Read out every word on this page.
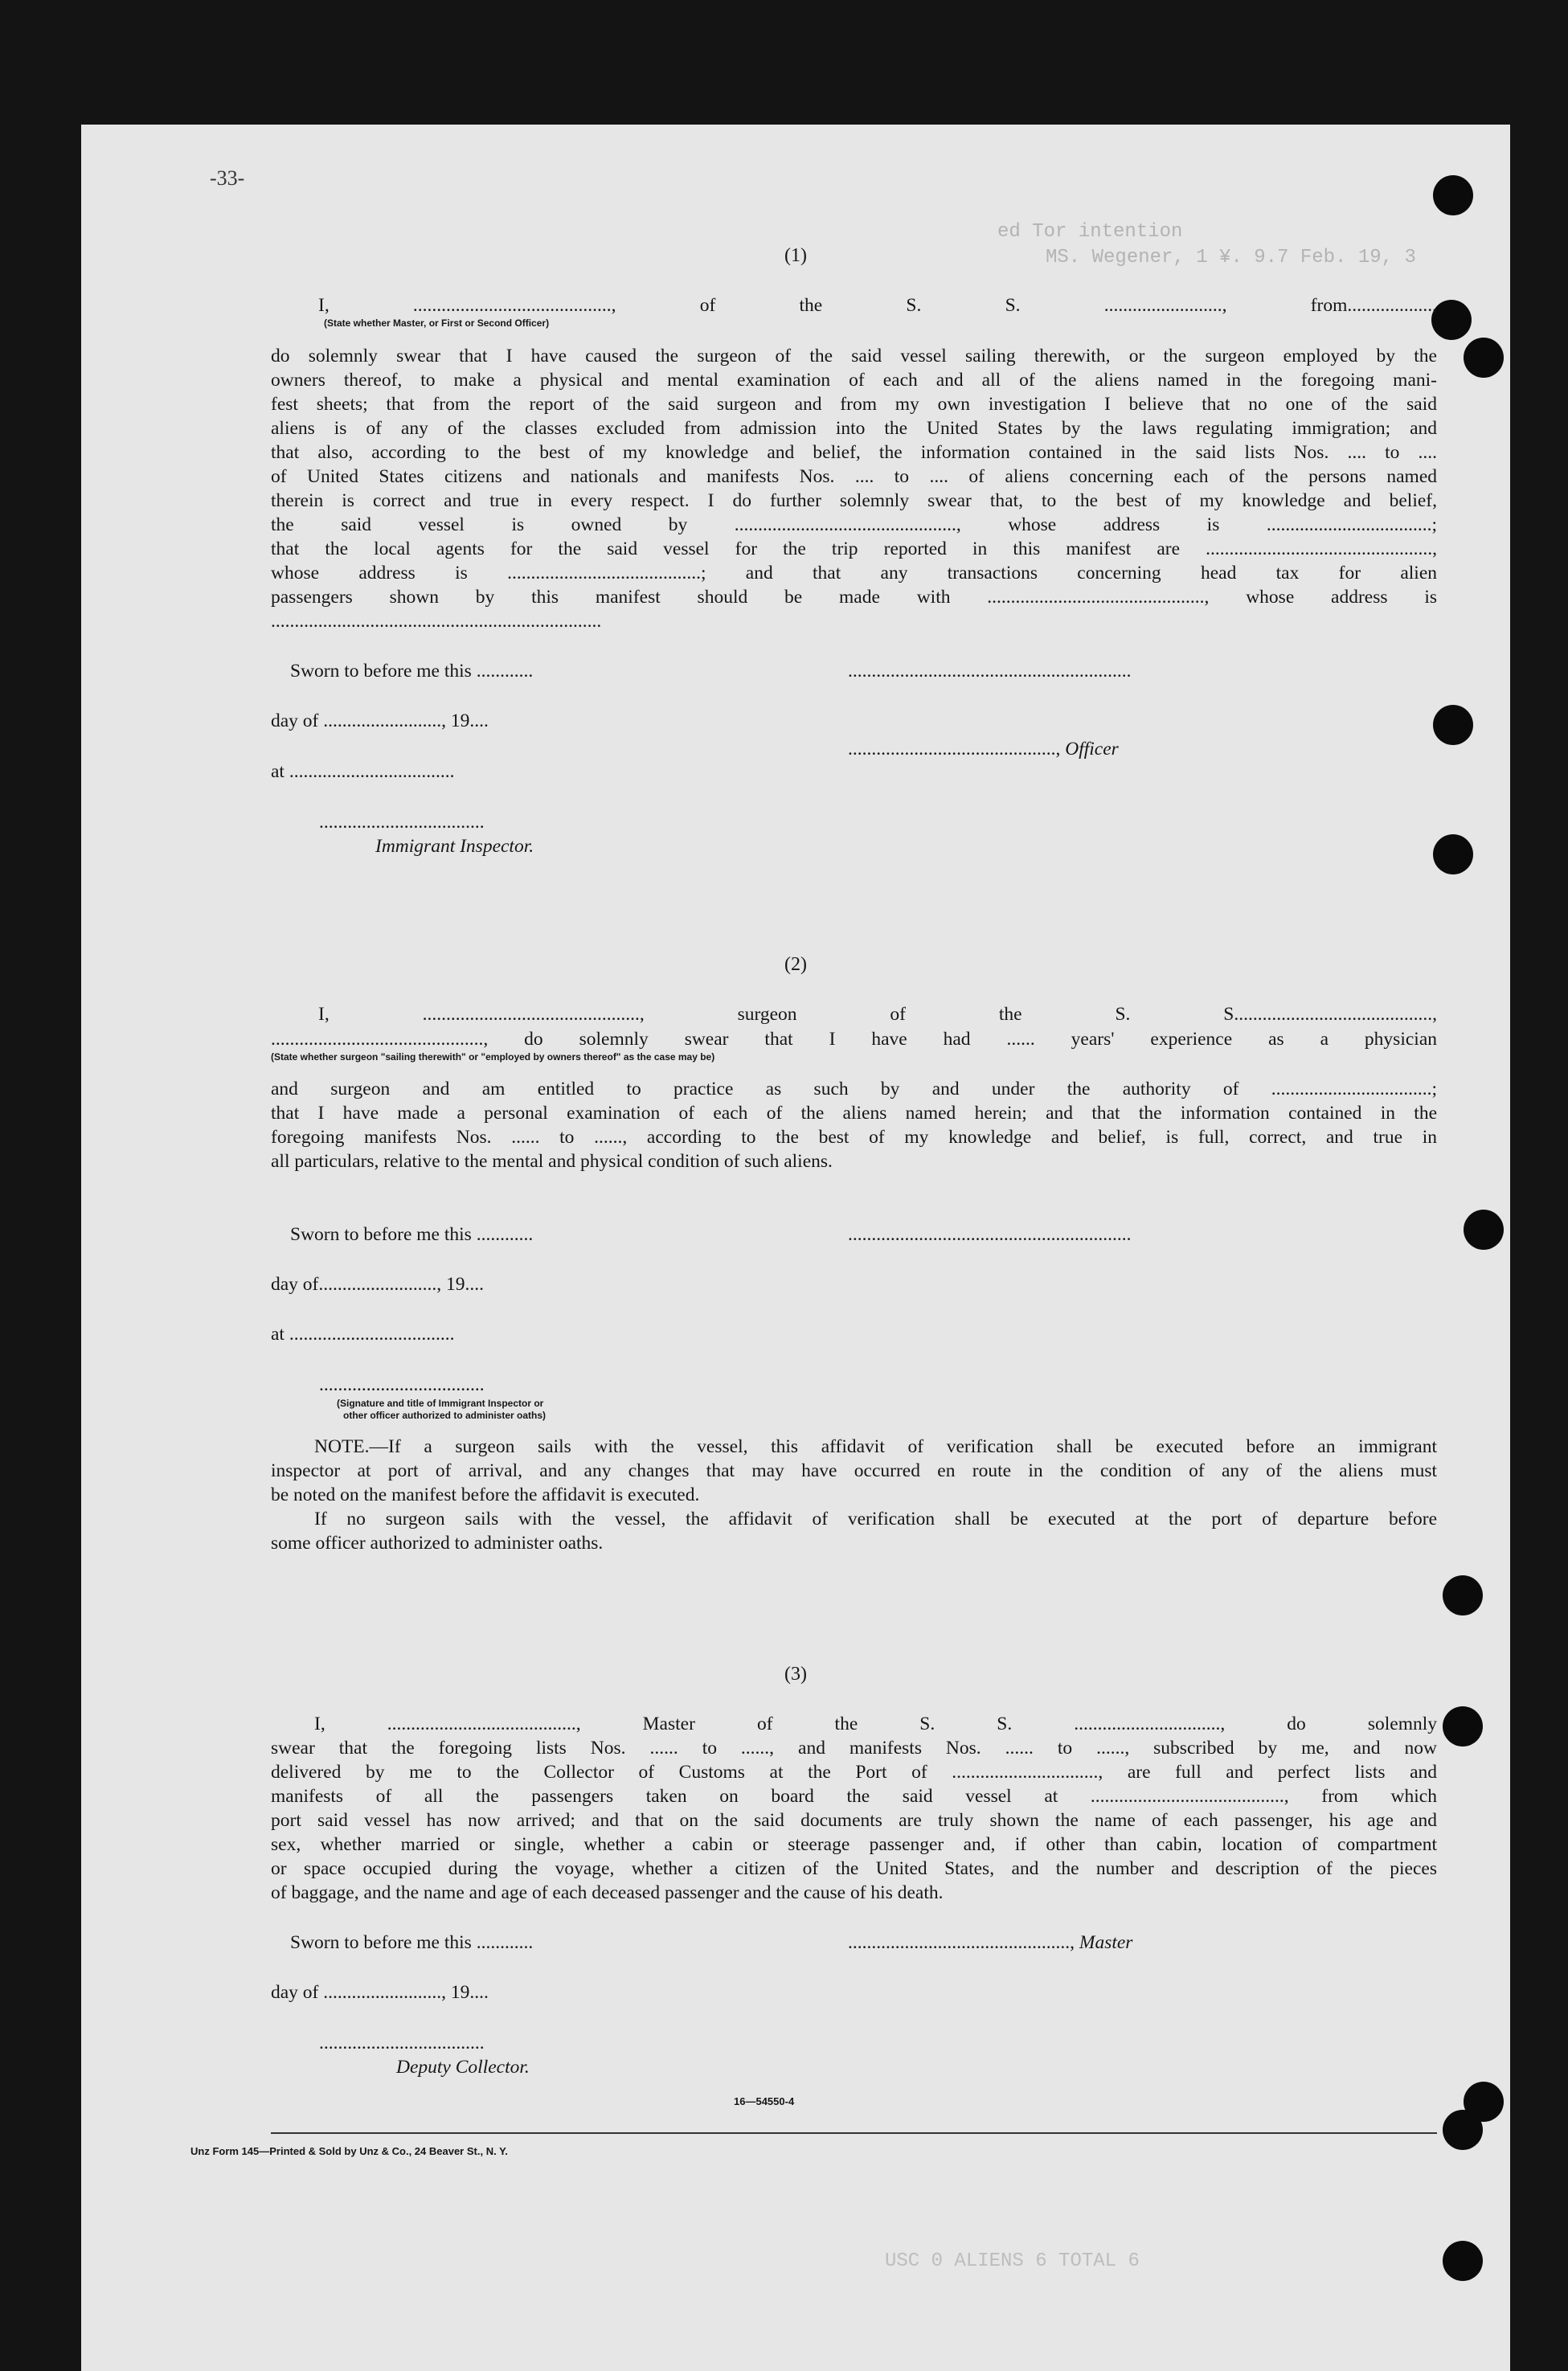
-33-
ed Tor intention
MS. Wegener, 1 ¥. 9.7 Feb. 19, 3
(1)
I, .........................................., of the S. S. ........................., from..................,
(State whether Master, or First or Second Officer)
do solemnly swear that I have caused the surgeon of the said vessel sailing therewith, or the surgeon employed by the
owners thereof, to make a physical and mental examination of each and all of the aliens named in the foregoing mani-
fest sheets; that from the report of the said surgeon and from my own investigation I believe that no one of the said
aliens is of any of the classes excluded from admission into the United States by the laws regulating immigration; and
that also, according to the best of my knowledge and belief, the information contained in the said lists Nos. .... to ....
of United States citizens and nationals and manifests Nos. .... to .... of aliens concerning each of the persons named
therein is correct and true in every respect. I do further solemnly swear that, to the best of my knowledge and belief,
the said vessel is owned by ..............................................., whose address is ...................................;
that the local agents for the said vessel for the trip reported in this manifest are ................................................,
whose address is .........................................; and that any transactions concerning head tax for alien
passengers shown by this manifest should be made with .............................................., whose address is
......................................................................
Sworn to before me this ............	............................................................
day of ........................., 19....
............................................, Officer
at ...................................
...................................
Immigrant Inspector.
(2)
I, .............................................., surgeon of the S. S..........................................,
............................................., do solemnly swear that I have had ...... years' experience as a physician
(State whether surgeon "sailing therewith" or "employed by owners thereof" as the case may be)
and surgeon and am entitled to practice as such by and under the authority of ..................................;
that I have made a personal examination of each of the aliens named herein; and that the information contained in the
foregoing manifests Nos. ...... to ......, according to the best of my knowledge and belief, is full, correct, and true in
all particulars, relative to the mental and physical condition of such aliens.
Sworn to before me this ............	............................................................
day of........................., 19....
at ...................................
...................................
(Signature and title of Immigrant Inspector or
other officer authorized to administer oaths)
NOTE.—If a surgeon sails with the vessel, this affidavit of verification shall be executed before an immigrant
inspector at port of arrival, and any changes that may have occurred en route in the condition of any of the aliens must
be noted on the manifest before the affidavit is executed.
If no surgeon sails with the vessel, the affidavit of verification shall be executed at the port of departure before
some officer authorized to administer oaths.
(3)
I, ........................................, Master of the S. S. ..............................., do solemnly
swear that the foregoing lists Nos. ...... to ......, and manifests Nos. ...... to ......, subscribed by me, and now
delivered by me to the Collector of Customs at the Port of ..............................., are full and perfect lists and
manifests of all the passengers taken on board the said vessel at ........................................., from which
port said vessel has now arrived; and that on the said documents are truly shown the name of each passenger, his age and
sex, whether married or single, whether a cabin or steerage passenger and, if other than cabin, location of compartment
or space occupied during the voyage, whether a citizen of the United States, and the number and description of the pieces
of baggage, and the name and age of each deceased passenger and the cause of his death.
Sworn to before me this ............	..............................................., Master
day of ........................., 19....
...................................
Deputy Collector.
16—54550-4
Unz Form 145—Printed & Sold by Unz & Co., 24 Beaver St., N. Y.
USC 0 ALIENS 6 TOTAL 6
